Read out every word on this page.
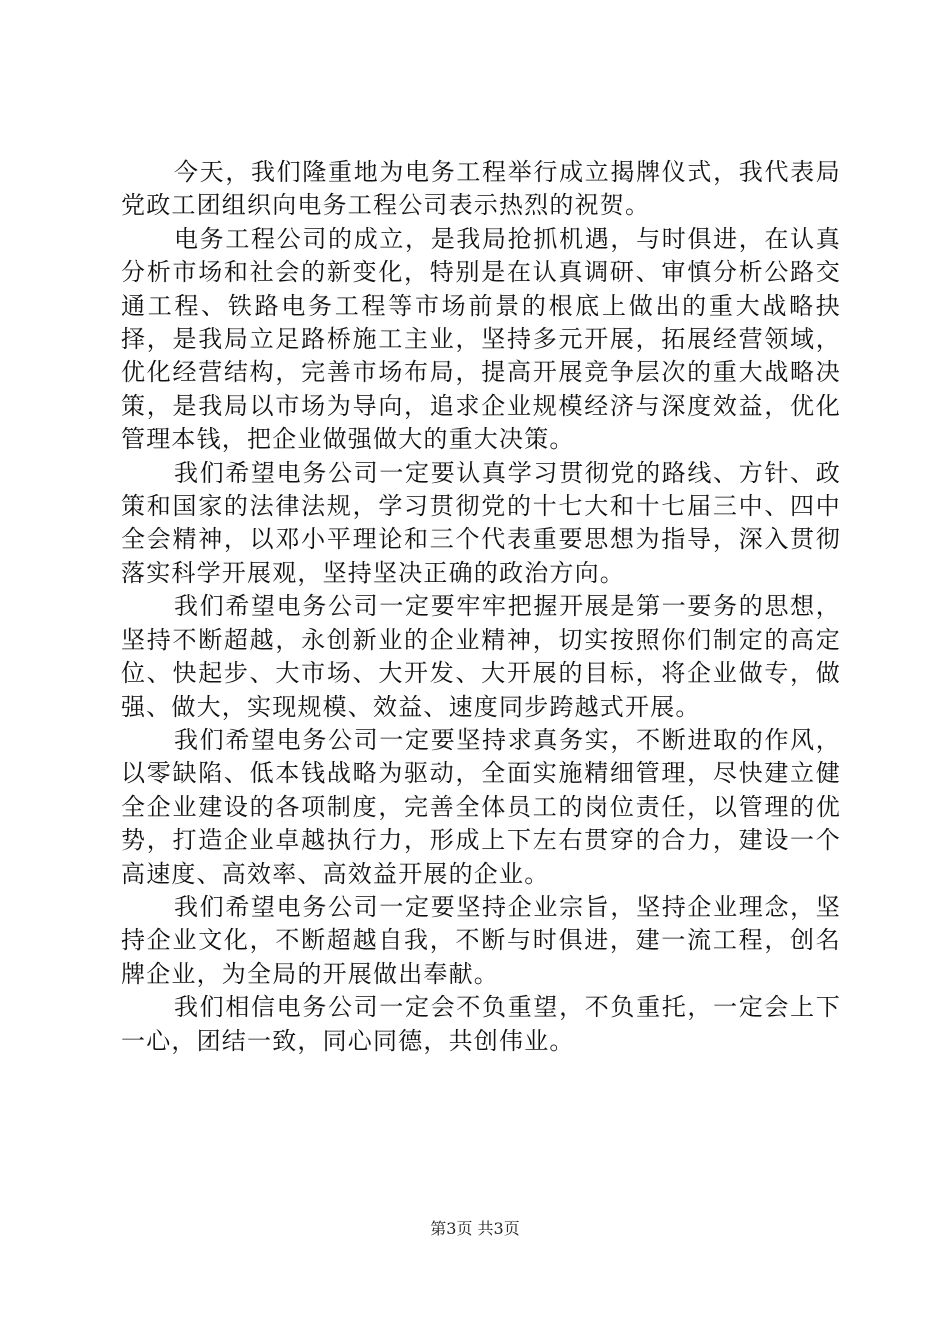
今天，我们隆重地为电务工程举行成立揭牌仪式，我代表局党政工团组织向电务工程公司表示热烈的祝贺。

电务工程公司的成立，是我局抢抓机遇，与时俱进，在认真分析市场和社会的新变化，特别是在认真调研、审慎分析公路交通工程、铁路电务工程等市场前景的根底上做出的重大战略抉择，是我局立足路桥施工主业，坚持多元开展，拓展经营领域，优化经营结构，完善市场布局，提高开展竞争层次的重大战略决策，是我局以市场为导向，追求企业规模经济与深度效益，优化管理本钱，把企业做强做大的重大决策。

我们希望电务公司一定要认真学习贯彻党的路线、方针、政策和国家的法律法规，学习贯彻党的十七大和十七届三中、四中全会精神，以邓小平理论和三个代表重要思想为指导，深入贯彻落实科学开展观，坚持坚决正确的政治方向。

我们希望电务公司一定要牢牢把握开展是第一要务的思想，坚持不断超越，永创新业的企业精神，切实按照你们制定的高定位、快起步、大市场、大开发、大开展的目标，将企业做专，做强、做大，实现规模、效益、速度同步跨越式开展。

我们希望电务公司一定要坚持求真务实，不断进取的作风，以零缺陷、低本钱战略为驱动，全面实施精细管理，尽快建立健全企业建设的各项制度，完善全体员工的岗位责任，以管理的优势，打造企业卓越执行力，形成上下左右贯穿的合力，建设一个高速度、高效率、高效益开展的企业。

我们希望电务公司一定要坚持企业宗旨，坚持企业理念，坚持企业文化，不断超越自我，不断与时俱进，建一流工程，创名牌企业，为全局的开展做出奉献。

我们相信电务公司一定会不负重望，不负重托，一定会上下一心，团结一致，同心同德，共创伟业。

第3页 共3页
